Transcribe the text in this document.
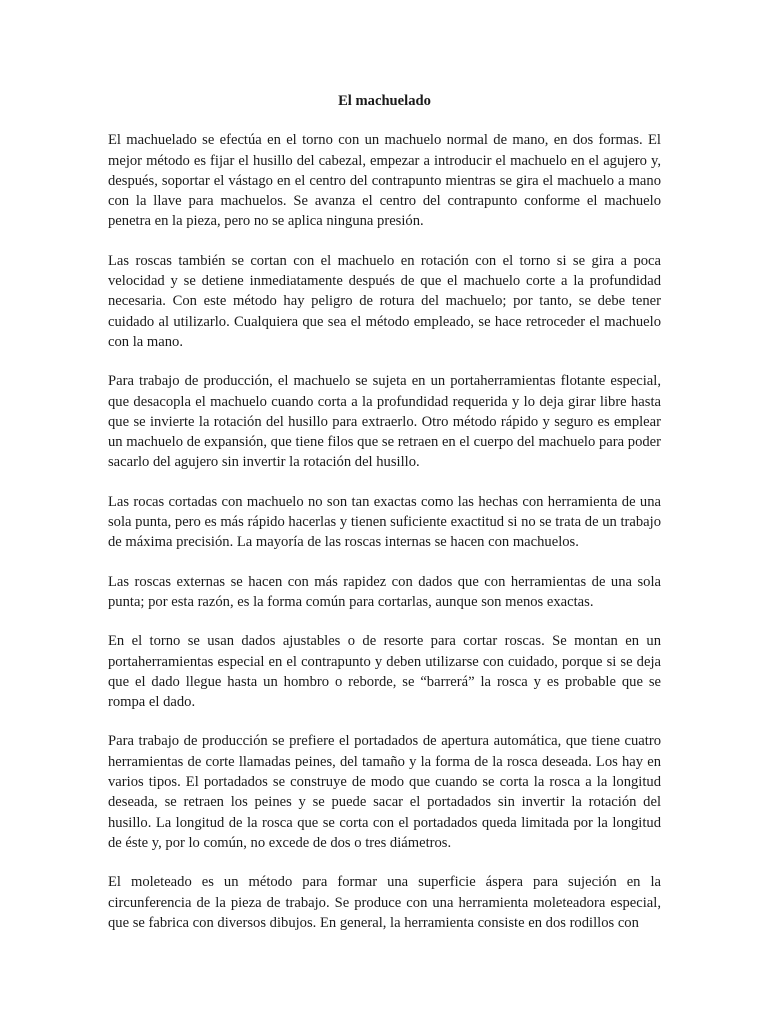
El machuelado

El machuelado se efectúa en el torno con un machuelo normal de mano, en dos formas. El mejor método es fijar el husillo del cabezal, empezar a introducir el machuelo en el agujero y, después, soportar el vástago en el centro del contrapunto mientras se gira el machuelo a mano con la llave para machuelos. Se avanza el centro del contrapunto conforme el machuelo penetra en la pieza, pero no se aplica ninguna presión.

Las roscas también se cortan con el machuelo en rotación con el torno si se gira a poca velocidad y se detiene inmediatamente después de que el machuelo corte a la profundidad necesaria. Con este método hay peligro de rotura del machuelo; por tanto, se debe tener cuidado al utilizarlo. Cualquiera que sea el método empleado, se hace retroceder el machuelo con la mano.

Para trabajo de producción, el machuelo se sujeta en un portaherramientas flotante especial, que desacopla el machuelo cuando corta a la profundidad requerida y lo deja girar libre hasta que se invierte la rotación del husillo para extraerlo. Otro método rápido y seguro es emplear un machuelo de expansión, que tiene filos que se retraen en el cuerpo del machuelo para poder sacarlo del agujero sin invertir la rotación del husillo.

Las rocas cortadas con machuelo no son tan exactas como las hechas con herramienta de una sola punta, pero es más rápido hacerlas y tienen suficiente exactitud si no se trata de un trabajo de máxima precisión. La mayoría de las roscas internas se hacen con machuelos.

Las roscas externas se hacen con más rapidez con dados que con herramientas de una sola punta; por esta razón, es la forma común para cortarlas, aunque son menos exactas.

En el torno se usan dados ajustables o de resorte para cortar roscas. Se montan en un portaherramientas especial en el contrapunto y deben utilizarse con cuidado, porque si se deja que el dado llegue hasta un hombro o reborde, se “barrerá” la rosca y es probable que se rompa el dado.

Para trabajo de producción se prefiere el portadados de apertura automática, que tiene cuatro herramientas de corte llamadas peines, del tamaño y la forma de la rosca deseada. Los hay en varios tipos. El portadados se construye de modo que cuando se corta la rosca a la longitud deseada, se retraen los peines y se puede sacar el portadados sin invertir la rotación del husillo. La longitud de la rosca que se corta con el portadados queda limitada por la longitud de éste y, por lo común, no excede de dos o tres diámetros.

El moleteado es un método para formar una superficie áspera para sujeción en la circunferencia de la pieza de trabajo. Se produce con una herramienta moleteadora especial, que se fabrica con diversos dibujos. En general, la herramienta consiste en dos rodillos con
